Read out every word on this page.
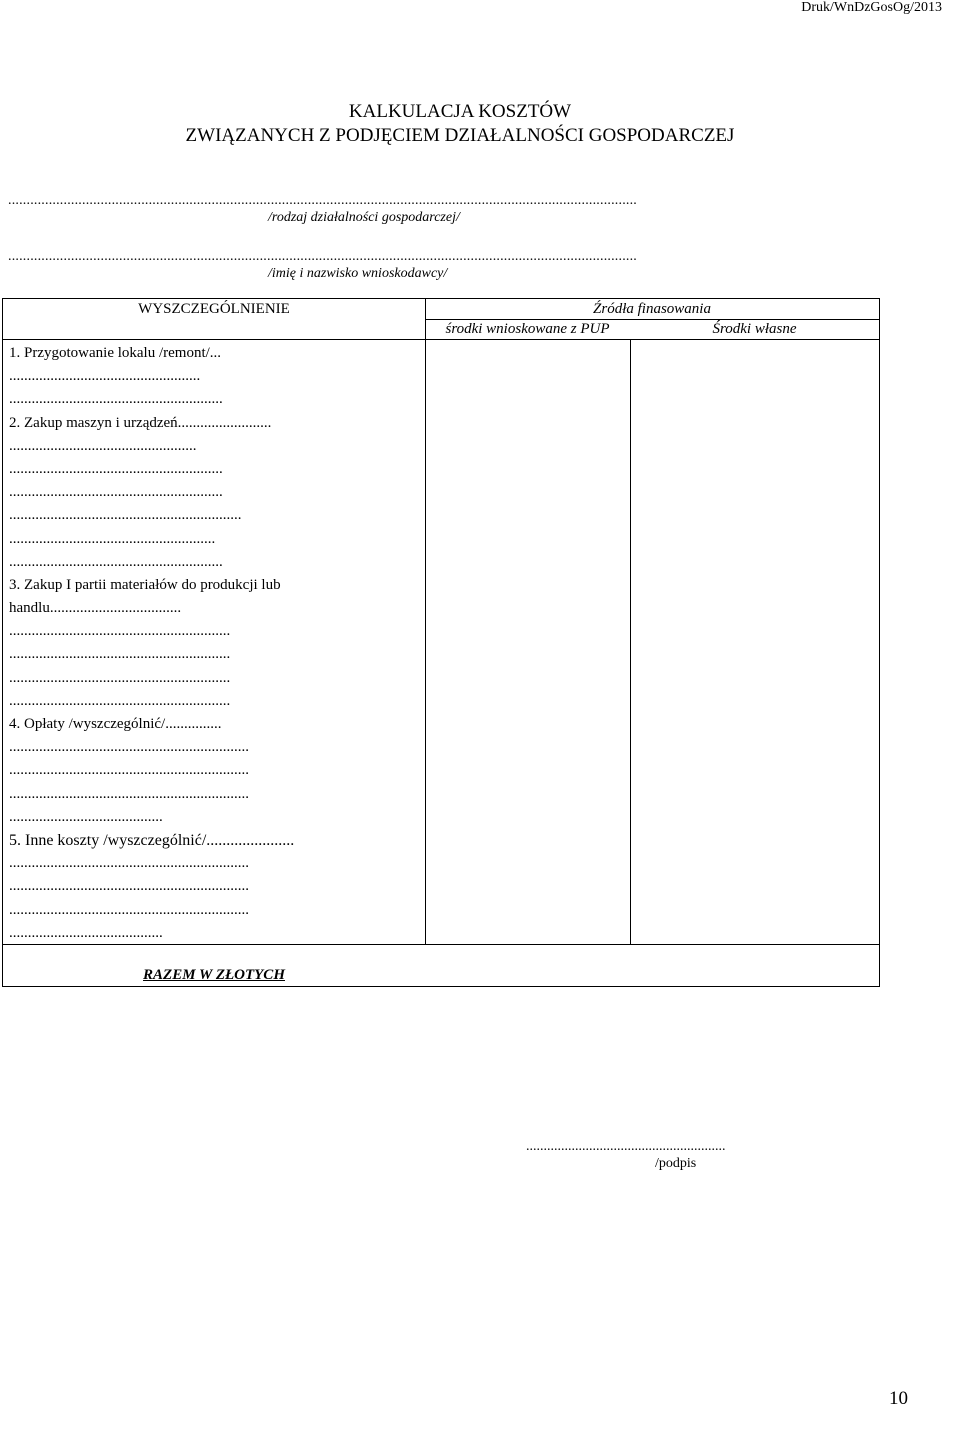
Druk/WnDzGosOg/2013
KALKULACJA KOSZTÓW
ZWIĄZANYCH Z PODJĘCIEM DZIAŁALNOŚCI GOSPODARCZEJ
..........................................................................................................................................................................
/rodzaj działalności gospodarczej/
..........................................................................................................................................................................
/imię i nazwisko wnioskodawcy/
WYSZCZEGÓLNIENIE	Źródła finasowania
środki wnioskowane z PUP	Środki własne
1. Przygotowanie lokalu /remont/...
...................................................
.........................................................
2. Zakup maszyn i urządzeń.........................
..................................................
.........................................................
.........................................................
..............................................................
.......................................................
.........................................................
3. Zakup I partii materiałów do produkcji lub
handlu...................................
...........................................................
...........................................................
...........................................................
...........................................................
4. Opłaty /wyszczególnić/...............
................................................................
................................................................
................................................................
.........................................
5. Inne koszty /wyszczególnić/......................
................................................................
................................................................
................................................................
.........................................
RAZEM W ZŁOTYCH
.........................................................
/podpis
10
